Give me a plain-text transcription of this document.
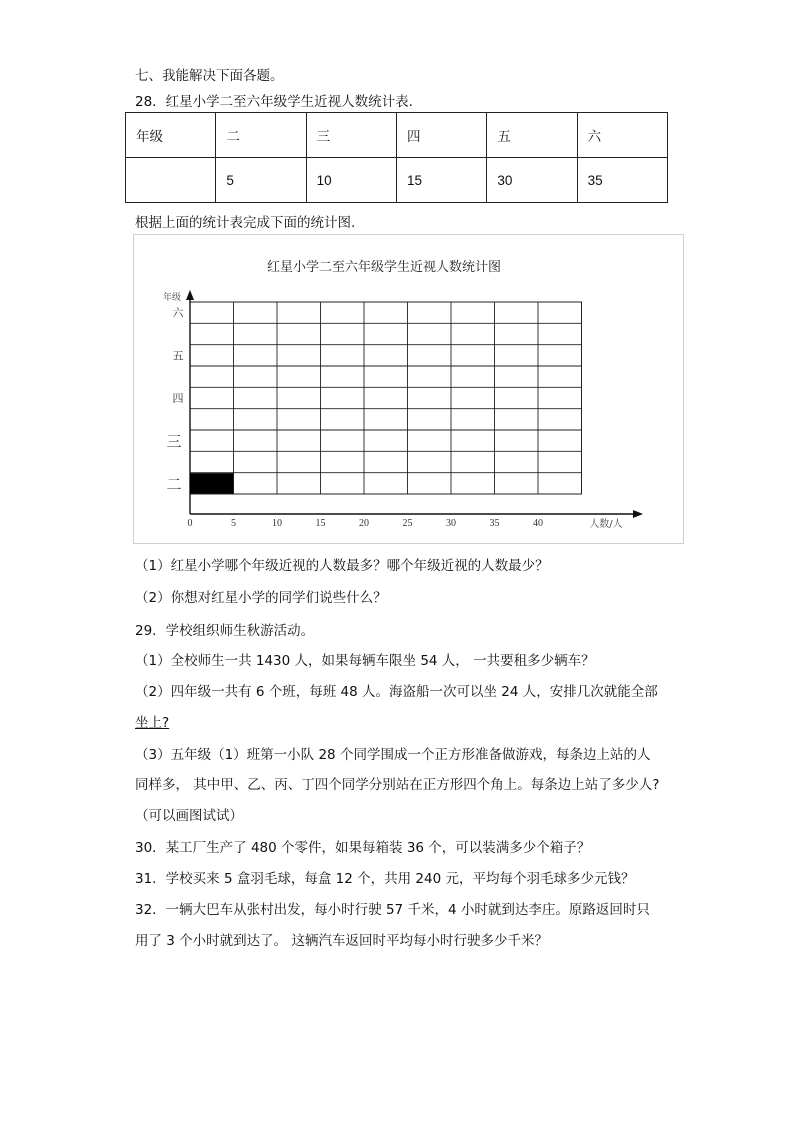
七、我能解决下面各题。
28．红星小学二至六年级学生近视人数统计表.
年级	二	三	四	五	六
	5	10	15	30	35
根据上面的统计表完成下面的统计图.
红星小学二至六年级学生近视人数统计图
0	5	10	15	20	25	30	35	40	人数/人
年级
二
三
四
五
六
（1）红星小学哪个年级近视的人数最多？哪个年级近视的人数最少？
（2）你想对红星小学的同学们说些什么？
29．学校组织师生秋游活动。
（1）全校师生一共 1430 人，如果每辆车限坐 54 人， 一共要租多少辆车？
（2）四年级一共有 6 个班，每班 48 人。海盗船一次可以坐 24 人，安排几次就能全部
坐上?
（3）五年级（1）班第一小队 28 个同学围成一个正方形准备做游戏，每条边上站的人
同样多， 其中甲、乙、丙、丁四个同学分别站在正方形四个角上。每条边上站了多少人?
（可以画图试试）
30．某工厂生产了 480 个零件，如果每箱装 36 个，可以装满多少个箱子？
31．学校买来 5 盒羽毛球，每盒 12 个，共用 240 元，平均每个羽毛球多少元钱？
32．一辆大巴车从张村出发，每小时行驶 57 千米，4 小时就到达李庄。原路返回时只
用了 3 个小时就到达了。 这辆汽车返回时平均每小时行驶多少千米？
